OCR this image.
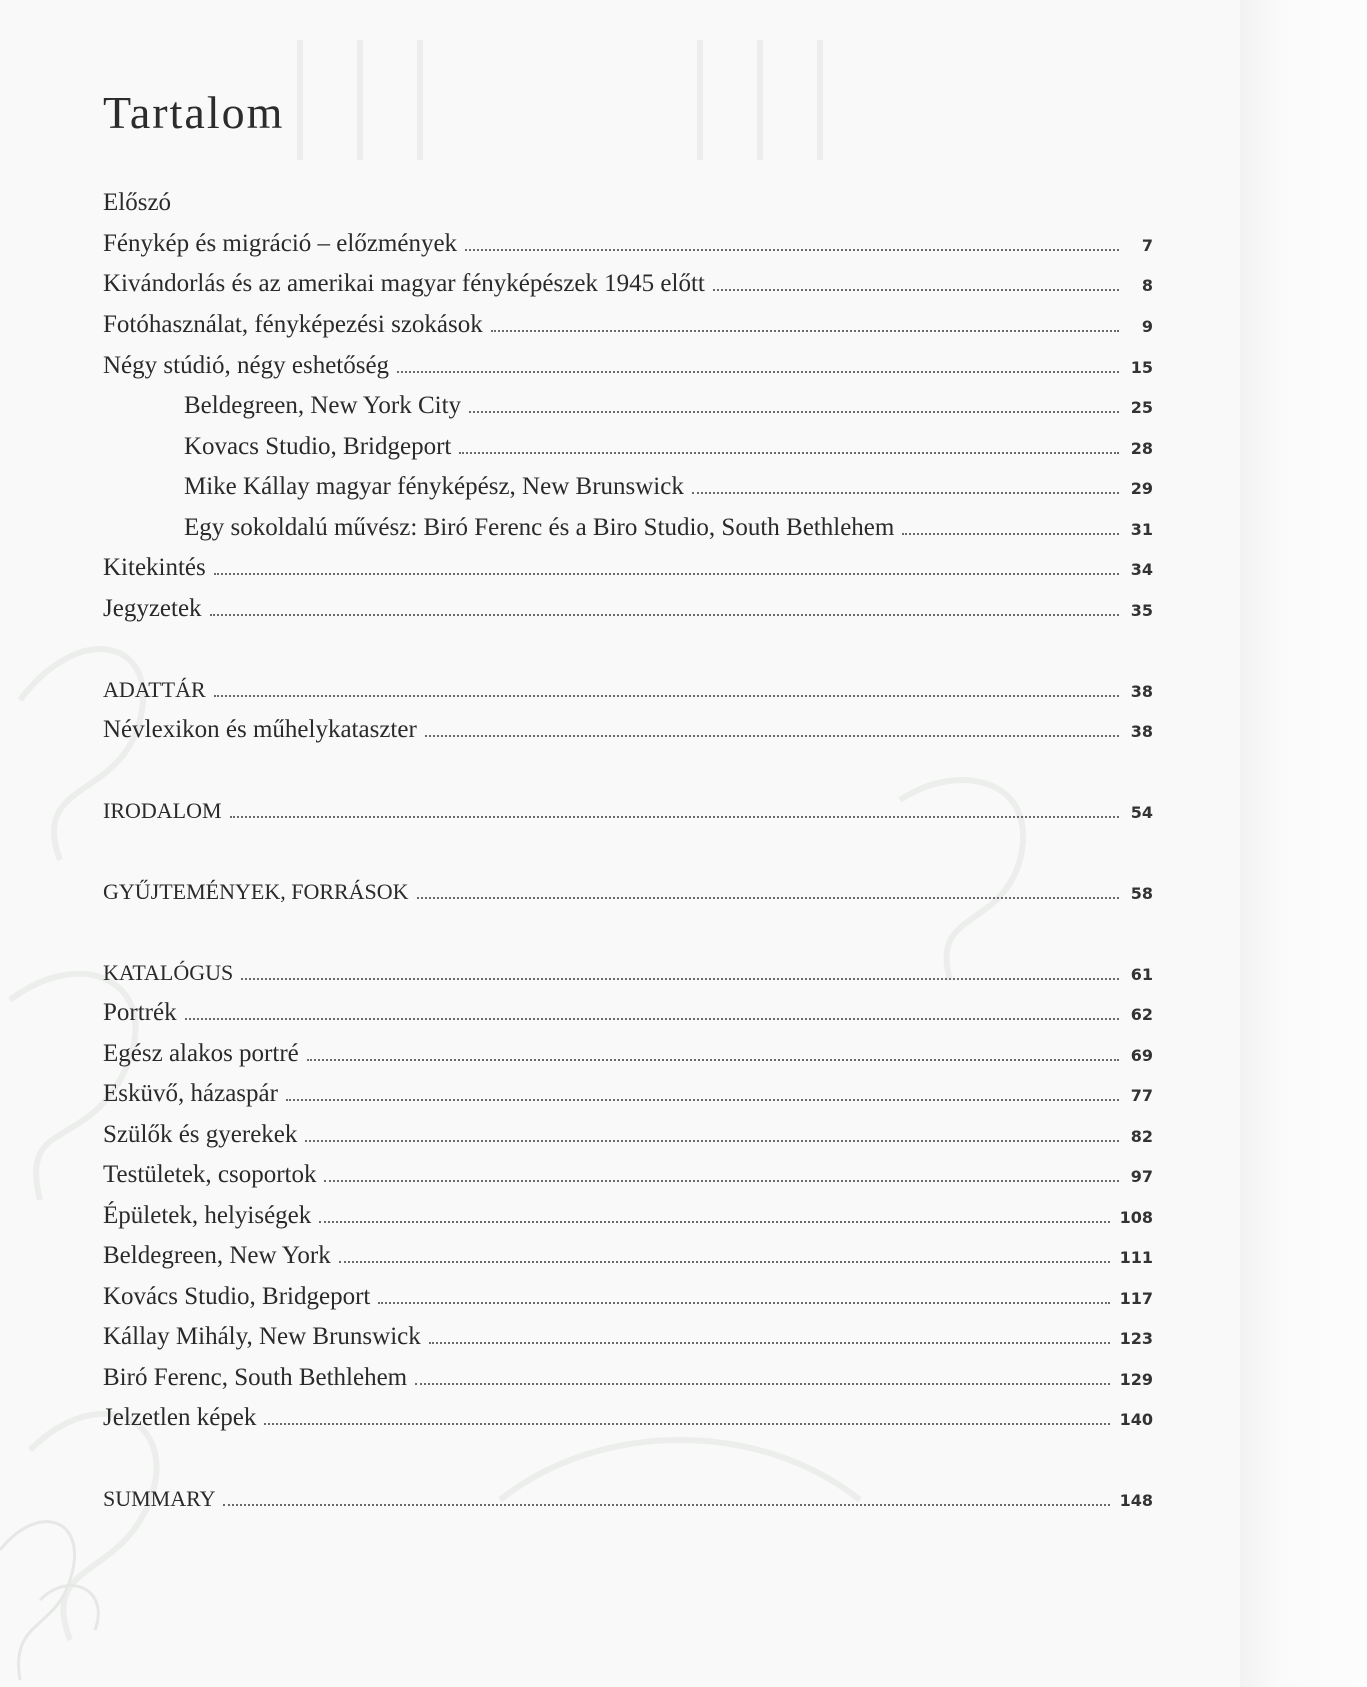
Tartalom
Előszó
Fénykép és migráció – előzmények	7
Kivándorlás és az amerikai magyar fényképészek 1945 előtt	8
Fotóhasználat, fényképezési szokások	9
Négy stúdió, négy eshetőség	15
Beldegreen, New York City	25
Kovacs Studio, Bridgeport	28
Mike Kállay magyar fényképész, New Brunswick	29
Egy sokoldalú művész: Biró Ferenc és a Biro Studio, South Bethlehem	31
Kitekintés	34
Jegyzetek	35
ADATTÁR	38
Névlexikon és műhelykataszter	38
IRODALOM	54
GYŰJTEMÉNYEK, FORRÁSOK	58
KATALÓGUS	61
Portrék	62
Egész alakos portré	69
Esküvő, házaspár	77
Szülők és gyerekek	82
Testületek, csoportok	97
Épületek, helyiségek	108
Beldegreen, New York	111
Kovács Studio, Bridgeport	117
Kállay Mihály, New Brunswick	123
Biró Ferenc, South Bethlehem	129
Jelzetlen képek	140
SUMMARY	148
